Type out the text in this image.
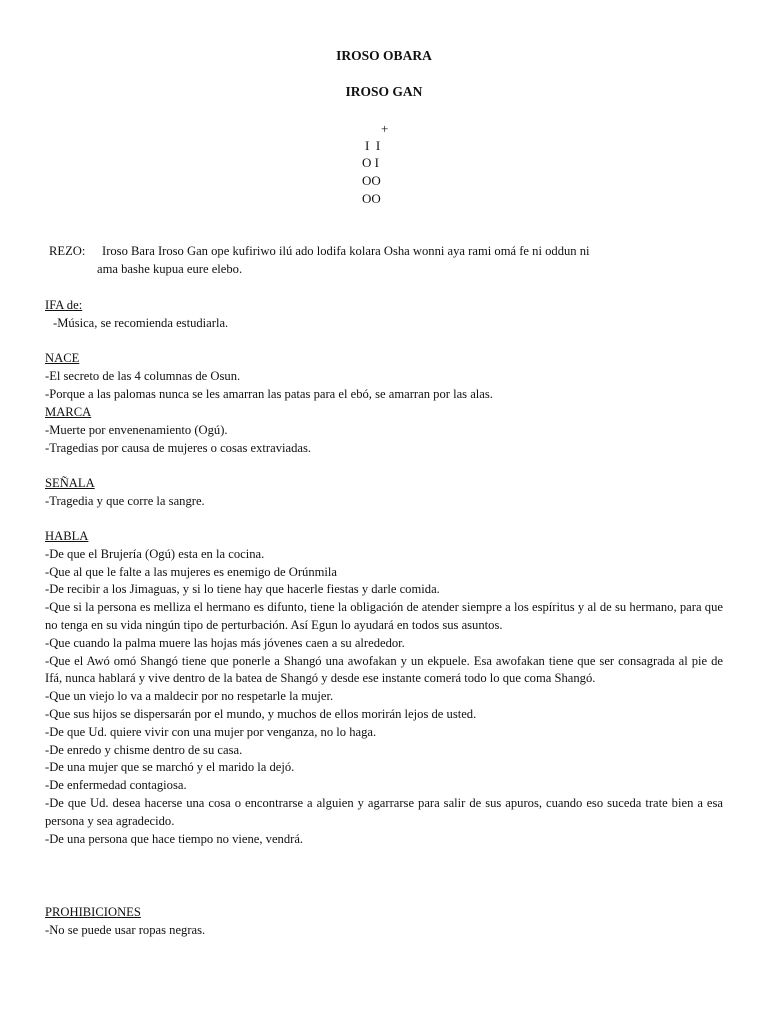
IROSO OBARA
IROSO GAN
+
I  I
O I
OO
OO
REZO: Iroso Bara Iroso Gan ope kufiriwo ilú ado lodifa kolara Osha wonni aya rami omá fe ni oddun ni
ama bashe kupua eure elebo.
IFA de:
-Música, se recomienda estudiarla.
NACE
-El secreto de las 4 columnas de Osun.
-Porque a las palomas nunca se les amarran las patas para el ebó, se amarran por las alas.
MARCA
-Muerte por envenenamiento (Ogú).
-Tragedias por causa de mujeres o cosas extraviadas.
SEÑALA
-Tragedia y que corre la sangre.
HABLA
-De que el Brujería (Ogú) esta en la cocina.
-Que al que le falte a las mujeres es enemigo de Orúnmila
-De recibir a los Jimaguas, y si lo tiene hay que hacerle fiestas y darle comida.
-Que si la persona es melliza el hermano es difunto, tiene la obligación de atender siempre a los espíritus y al de su hermano, para que no tenga en su vida ningún tipo de perturbación. Así Egun lo ayudará en todos sus asuntos.
-Que cuando la palma muere las hojas más jóvenes caen a su alrededor.
-Que el Awó omó Shangó tiene que ponerle a Shangó una awofakan y un ekpuele. Esa awofakan tiene que ser consagrada al pie de Ifá, nunca hablará y vive dentro de la batea de Shangó y desde ese instante comerá todo lo que coma Shangó.
-Que un viejo lo va a maldecir por no respetarle la mujer.
-Que sus hijos se dispersarán por el mundo, y muchos de ellos morirán lejos de usted.
-De que Ud. quiere vivir con una mujer por venganza, no lo haga.
-De enredo y chisme dentro de su casa.
-De una mujer que se marchó y el marido la dejó.
-De enfermedad contagiosa.
-De que Ud. desea hacerse una cosa o encontrarse a alguien y agarrarse para salir de sus apuros, cuando eso suceda trate bien a esa persona y sea agradecido.
-De una persona que hace tiempo no viene, vendrá.
PROHIBICIONES
-No se puede usar ropas negras.
